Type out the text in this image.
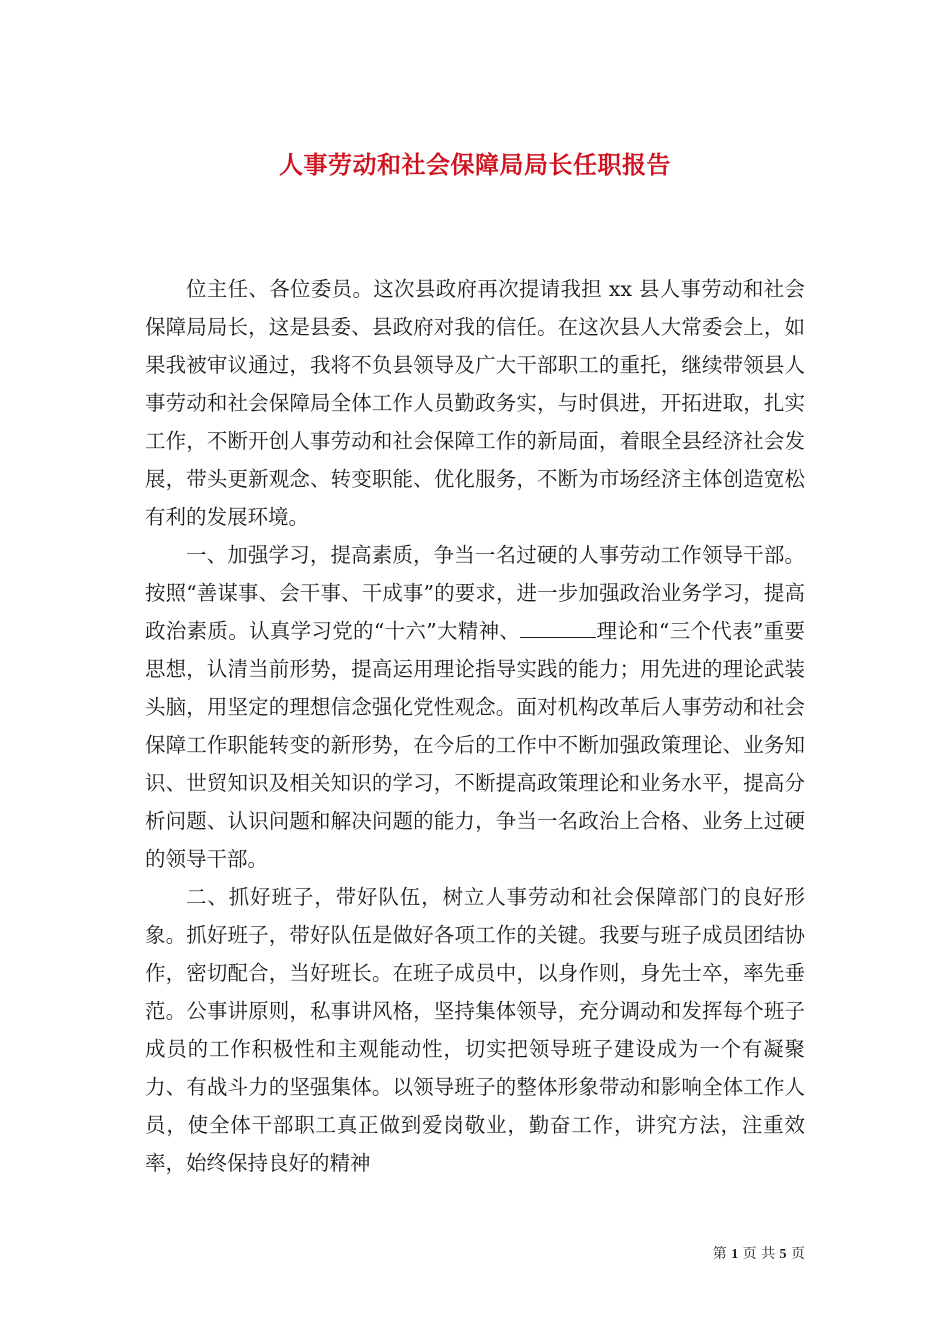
人事劳动和社会保障局局长任职报告

位主任、各位委员。这次县政府再次提请我担 xx 县人事劳动和社会保障局局长，这是县委、县政府对我的信任。在这次县人大常委会上，如果我被审议通过，我将不负县领导及广大干部职工的重托，继续带领县人事劳动和社会保障局全体工作人员勤政务实，与时俱进，开拓进取，扎实工作，不断开创人事劳动和社会保障工作的新局面，着眼全县经济社会发展，带头更新观念、转变职能、优化服务，不断为市场经济主体创造宽松有利的发展环境。

一、加强学习，提高素质，争当一名过硬的人事劳动工作领导干部。按照“善谋事、会干事、干成事”的要求，进一步加强政治业务学习，提高政治素质。认真学习党的“十六”大精神、	理论和“三个代表”重要思想，认清当前形势，提高运用理论指导实践的能力；用先进的理论武装头脑，用坚定的理想信念强化党性观念。面对机构改革后人事劳动和社会保障工作职能转变的新形势，在今后的工作中不断加强政策理论、业务知识、世贸知识及相关知识的学习，不断提高政策理论和业务水平，提高分析问题、认识问题和解决问题的能力，争当一名政治上合格、业务上过硬的领导干部。

二、抓好班子，带好队伍，树立人事劳动和社会保障部门的良好形象。抓好班子，带好队伍是做好各项工作的关键。我要与班子成员团结协作，密切配合，当好班长。在班子成员中，以身作则，身先士卒，率先垂范。公事讲原则，私事讲风格，坚持集体领导，充分调动和发挥每个班子成员的工作积极性和主观能动性，切实把领导班子建设成为一个有凝聚力、有战斗力的坚强集体。以领导班子的整体形象带动和影响全体工作人员，使全体干部职工真正做到爱岗敬业，勤奋工作，讲究方法，注重效率，始终保持良好的精神

第 1 页 共 5 页
